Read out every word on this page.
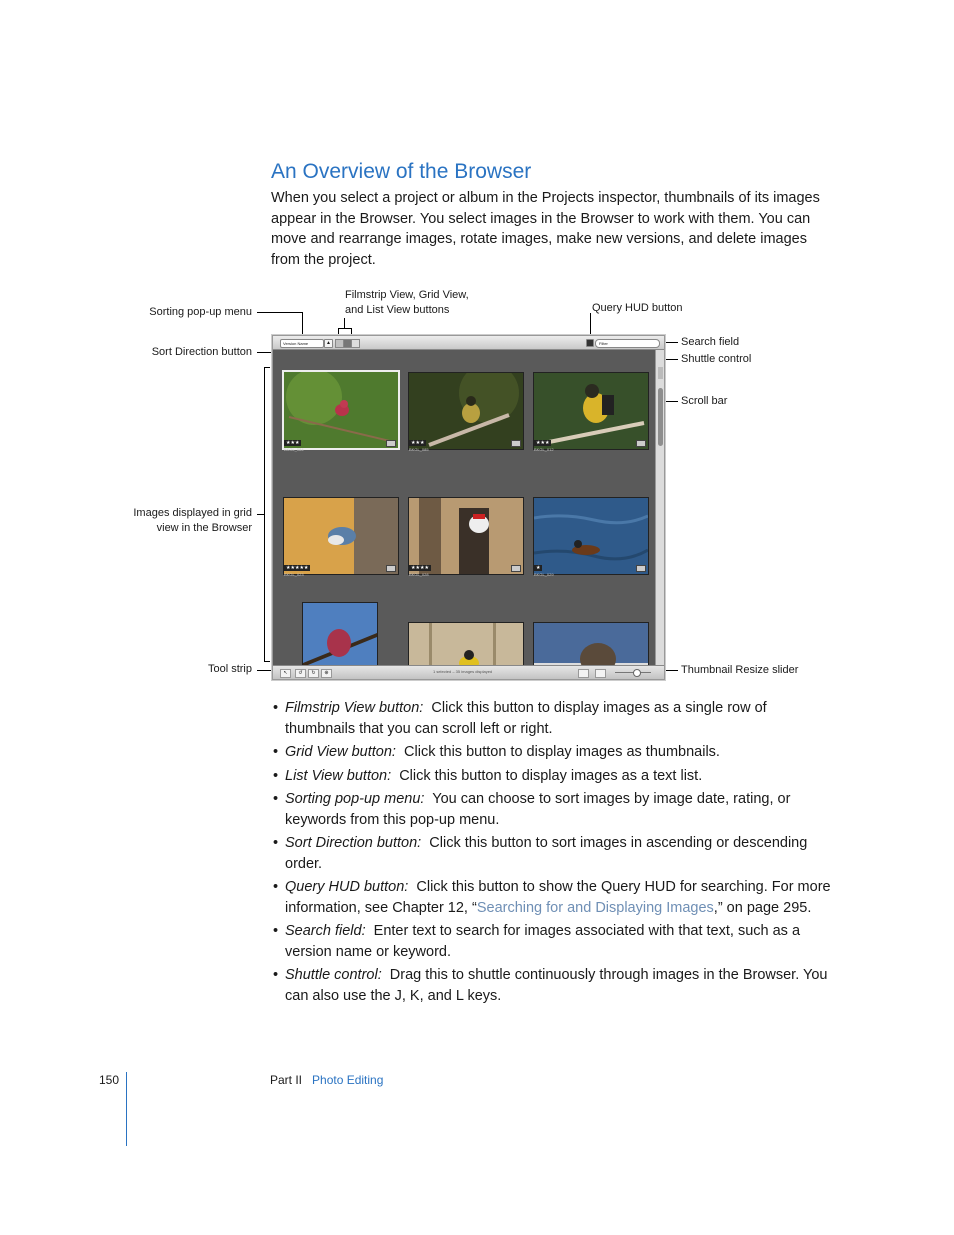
An Overview of the Browser

When you select a project or album in the Projects inspector, thumbnails of its images appear in the Browser. You select images in the Browser to work with them. You can move and rearrange images, rotate images, make new versions, and delete images from the project.

Sorting pop-up menu
Sort Direction button
Filmstrip View, Grid View,
and List View buttons	Query HUD button
Search field
Shuttle control
Scroll bar
Images displayed in grid
view in the Browser
Tool strip	Thumbnail Resize slider
Version Name	▲	Filter
★★★
BKGL_084
★★★
BKGL_085
★★★
BKGL_012
★★★★★
BKGL_023
★★★★
BKGL_028
★
BKGL_029
↖	↺	↻	⊕	1 selected – 35 images displayed
• Filmstrip View button: Click this button to display images as a single row of thumbnails that you can scroll left or right.
• Grid View button: Click this button to display images as thumbnails.
• List View button: Click this button to display images as a text list.
• Sorting pop-up menu: You can choose to sort images by image date, rating, or keywords from this pop-up menu.
• Sort Direction button: Click this button to sort images in ascending or descending order.
• Query HUD button: Click this button to show the Query HUD for searching. For more information, see Chapter 12, “Searching for and Displaying Images,” on page 295.
• Search field: Enter text to search for images associated with that text, such as a version name or keyword.
• Shuttle control: Drag this to shuttle continuously through images in the Browser. You can also use the J, K, and L keys.
150	Part II Photo Editing
